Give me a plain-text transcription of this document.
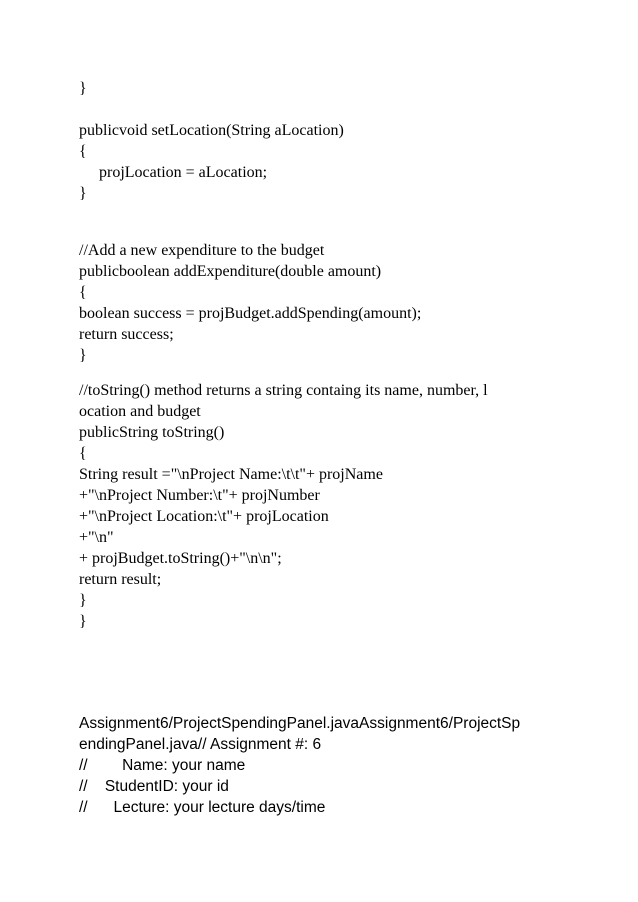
}
publicvoid setLocation(String aLocation)
{
projLocation = aLocation;
}
//Add a new expenditure to the budget
publicboolean addExpenditure(double amount)
{
boolean success = projBudget.addSpending(amount);
return success;
}
//toString() method returns a string containg its name, number, l
ocation and budget
publicString toString()
{
String result ="\nProject Name:\t\t"+ projName
+"\nProject Number:\t"+ projNumber
+"\nProject Location:\t"+ projLocation
+"\n"
+ projBudget.toString()+"\n\n";
return result;
}
}
Assignment6/ProjectSpendingPanel.javaAssignment6/ProjectSp
endingPanel.java// Assignment #: 6
//        Name: your name
//    StudentID: your id
//      Lecture: your lecture days/time
